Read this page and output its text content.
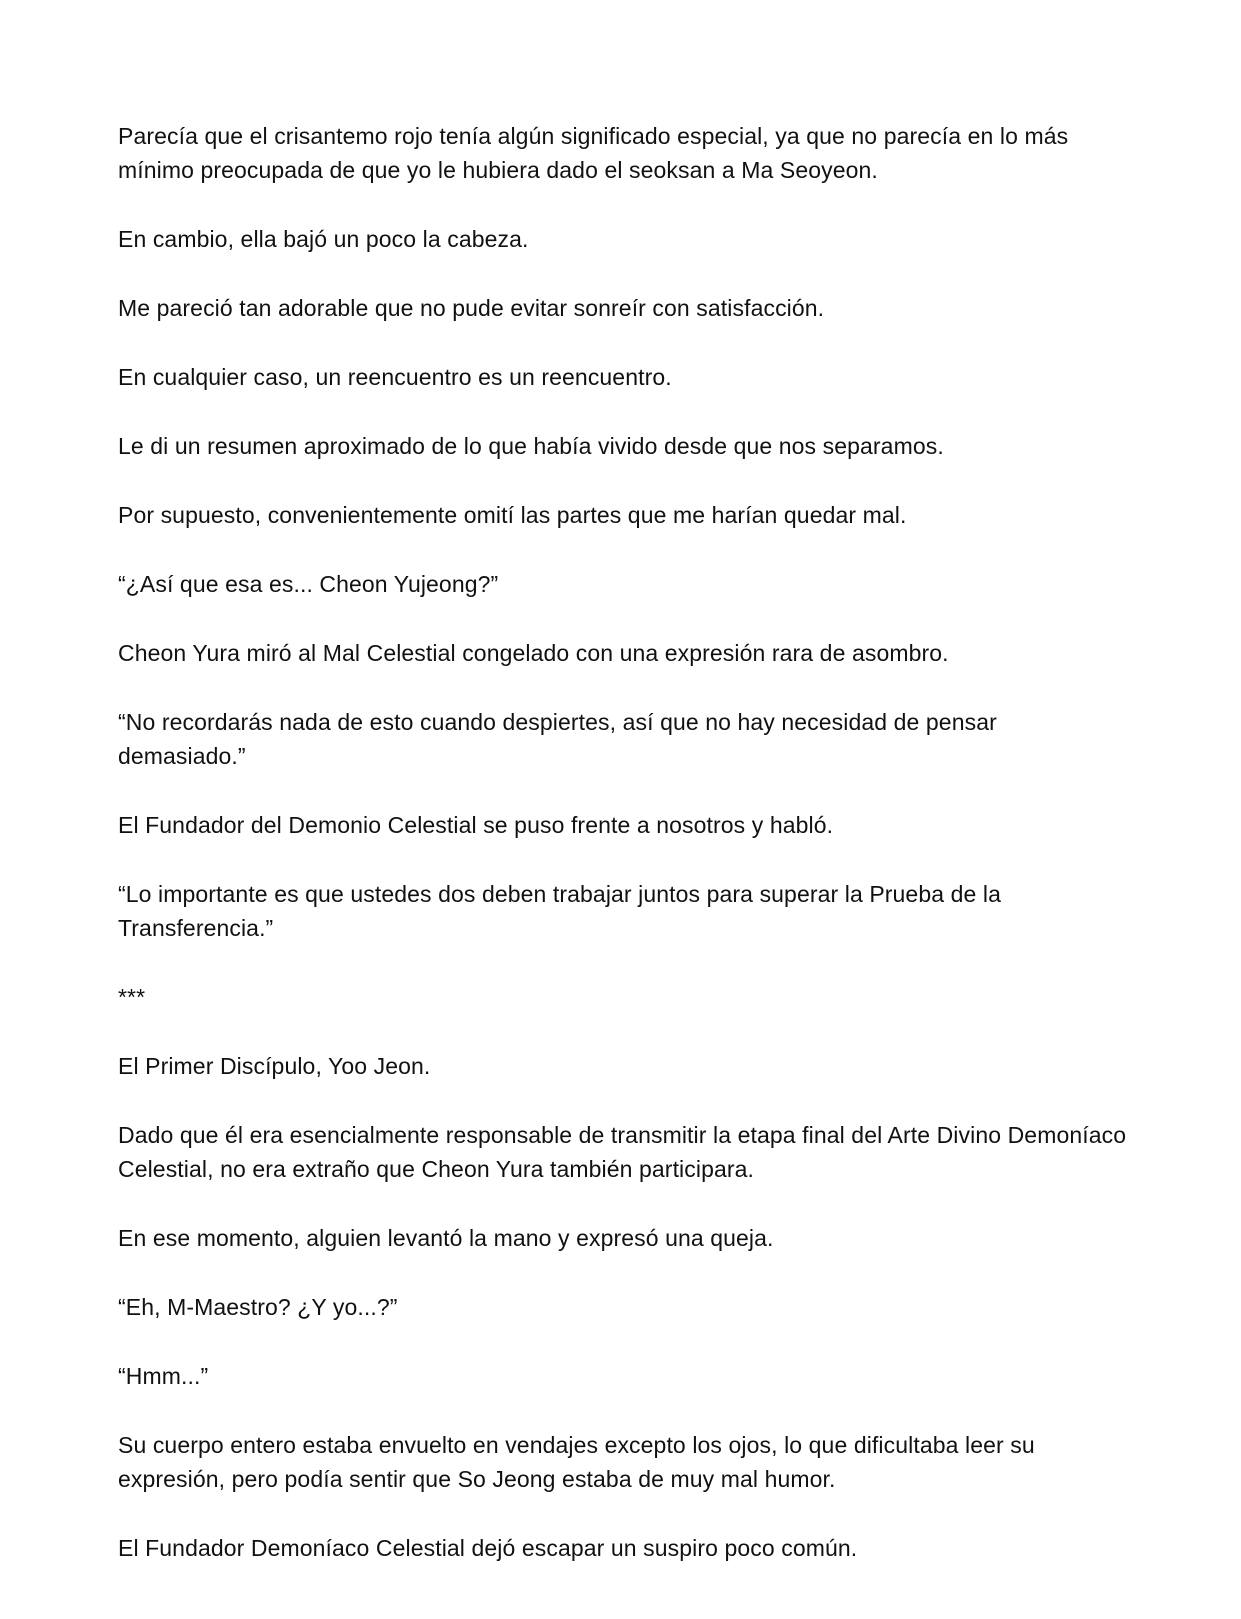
Parecía que el crisantemo rojo tenía algún significado especial, ya que no parecía en lo más mínimo preocupada de que yo le hubiera dado el seoksan a Ma Seoyeon.

En cambio, ella bajó un poco la cabeza.

Me pareció tan adorable que no pude evitar sonreír con satisfacción.

En cualquier caso, un reencuentro es un reencuentro.

Le di un resumen aproximado de lo que había vivido desde que nos separamos.

Por supuesto, convenientemente omití las partes que me harían quedar mal.

“¿Así que esa es... Cheon Yujeong?”

Cheon Yura miró al Mal Celestial congelado con una expresión rara de asombro.

“No recordarás nada de esto cuando despiertes, así que no hay necesidad de pensar demasiado.”

El Fundador del Demonio Celestial se puso frente a nosotros y habló.

“Lo importante es que ustedes dos deben trabajar juntos para superar la Prueba de la Transferencia.”

***

El Primer Discípulo, Yoo Jeon.

Dado que él era esencialmente responsable de transmitir la etapa final del Arte Divino Demoníaco Celestial, no era extraño que Cheon Yura también participara.

En ese momento, alguien levantó la mano y expresó una queja.

“Eh, M-Maestro? ¿Y yo...?”

“Hmm...”

Su cuerpo entero estaba envuelto en vendajes excepto los ojos, lo que dificultaba leer su expresión, pero podía sentir que So Jeong estaba de muy mal humor.

El Fundador Demoníaco Celestial dejó escapar un suspiro poco común.
